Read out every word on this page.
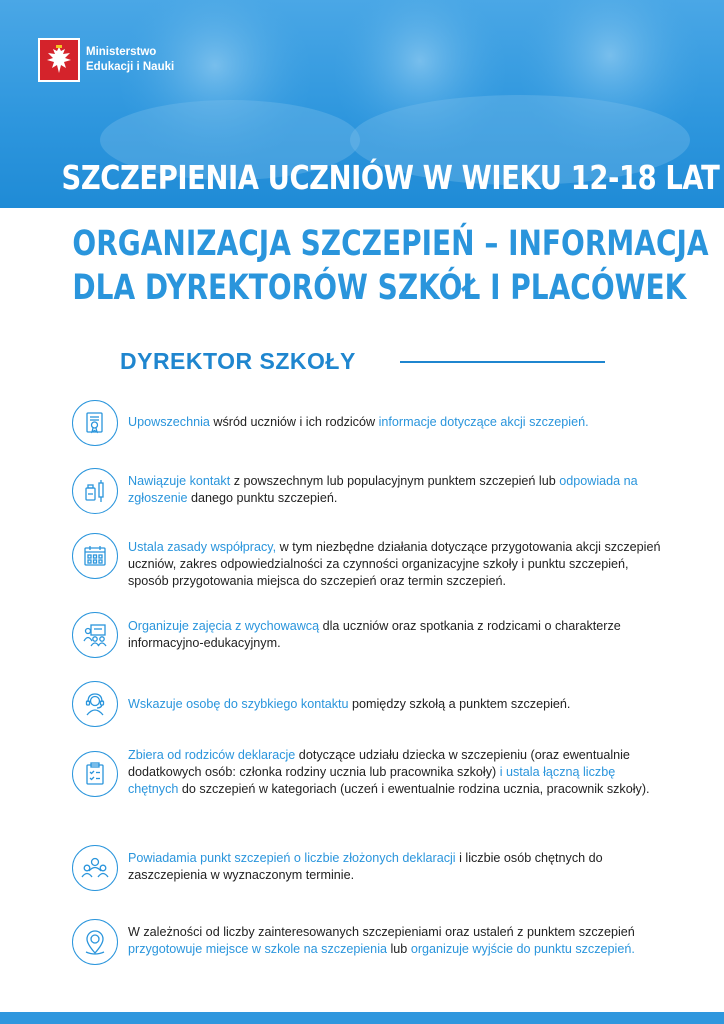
Ministerstwo
Edukacji i Nauki
SZCZEPIENIA UCZNIÓW W WIEKU 12-18 LAT
ORGANIZACJA SZCZEPIEŃ – INFORMACJA
DLA DYREKTORÓW SZKÓŁ I PLACÓWEK
DYREKTOR SZKOŁY
Upowszechnia wśród uczniów i ich rodziców informacje dotyczące akcji szczepień.
Nawiązuje kontakt z powszechnym lub populacyjnym punktem szczepień lub odpowiada na zgłoszenie danego punktu szczepień.
Ustala zasady współpracy, w tym niezbędne działania dotyczące przygotowania akcji szczepień uczniów, zakres odpowiedzialności za czynności organizacyjne szkoły i punktu szczepień, sposób przygotowania miejsca do szczepień oraz termin szczepień.
Organizuje zajęcia z wychowawcą dla uczniów oraz spotkania z rodzicami o charakterze informacyjno-edukacyjnym.
Wskazuje osobę do szybkiego kontaktu pomiędzy szkołą a punktem szczepień.
Zbiera od rodziców deklaracje dotyczące udziału dziecka w szczepieniu (oraz ewentualnie dodatkowych osób: członka rodziny ucznia lub pracownika szkoły) i ustala łączną liczbę chętnych do szczepień w kategoriach (uczeń i ewentualnie rodzina ucznia, pracownik szkoły).
Powiadamia punkt szczepień o liczbie złożonych deklaracji i liczbie osób chętnych do zaszczepienia w wyznaczonym terminie.
W zależności od liczby zainteresowanych szczepieniami oraz ustaleń z punktem szczepień przygotowuje miejsce w szkole na szczepienia lub organizuje wyjście do punktu szczepień.
